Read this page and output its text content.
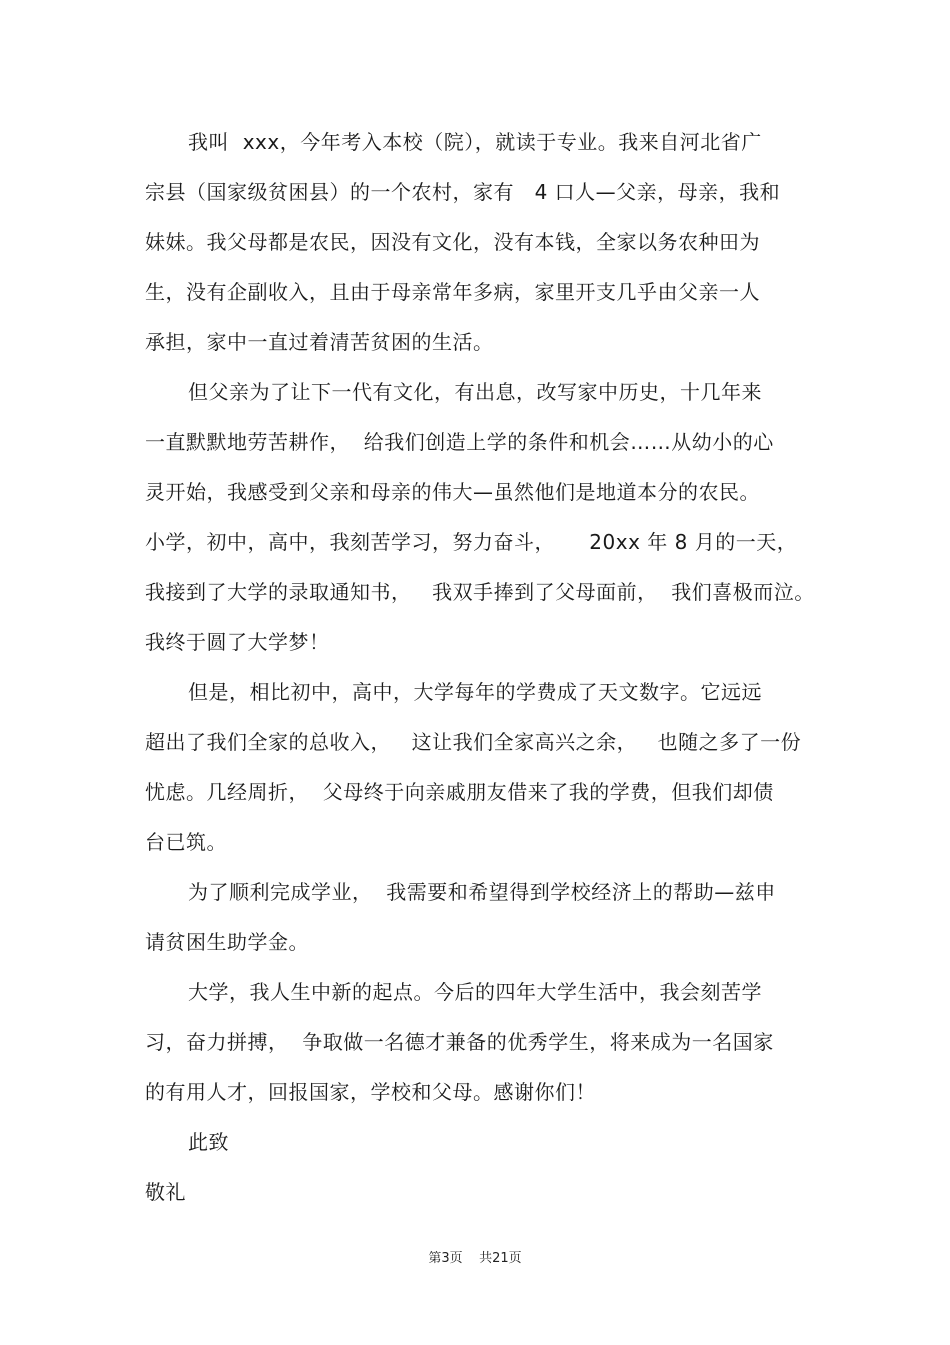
我叫  xxx，今年考入本校（院），就读于专业。我来自河北省广
宗县（国家级贫困县）的一个农村，家有   4 口人—父亲，母亲，我和
妹妹。我父母都是农民，因没有文化，没有本钱，全家以务农种田为
生，没有企副收入，且由于母亲常年多病，家里开支几乎由父亲一人
承担，家中一直过着清苦贫困的生活。
但父亲为了让下一代有文化，有出息，改写家中历史，十几年来
一直默默地劳苦耕作，  给我们创造上学的条件和机会……从幼小的心
灵开始，我感受到父亲和母亲的伟大—虽然他们是地道本分的农民。
小学，初中，高中，我刻苦学习，努力奋斗，     20xx 年 8 月的一天，
我接到了大学的录取通知书，   我双手捧到了父母面前，  我们喜极而泣。
我终于圆了大学梦！
但是，相比初中，高中，大学每年的学费成了天文数字。它远远
超出了我们全家的总收入，   这让我们全家高兴之余，   也随之多了一份
忧虑。几经周折，  父母终于向亲戚朋友借来了我的学费，但我们却债
台已筑。
为了顺利完成学业，  我需要和希望得到学校经济上的帮助—兹申
请贫困生助学金。
大学，我人生中新的起点。今后的四年大学生活中，我会刻苦学
习，奋力拼搏，  争取做一名德才兼备的优秀学生，将来成为一名国家
的有用人才，回报国家，学校和父母。感谢你们！
此致
敬礼
第3页    共21页
